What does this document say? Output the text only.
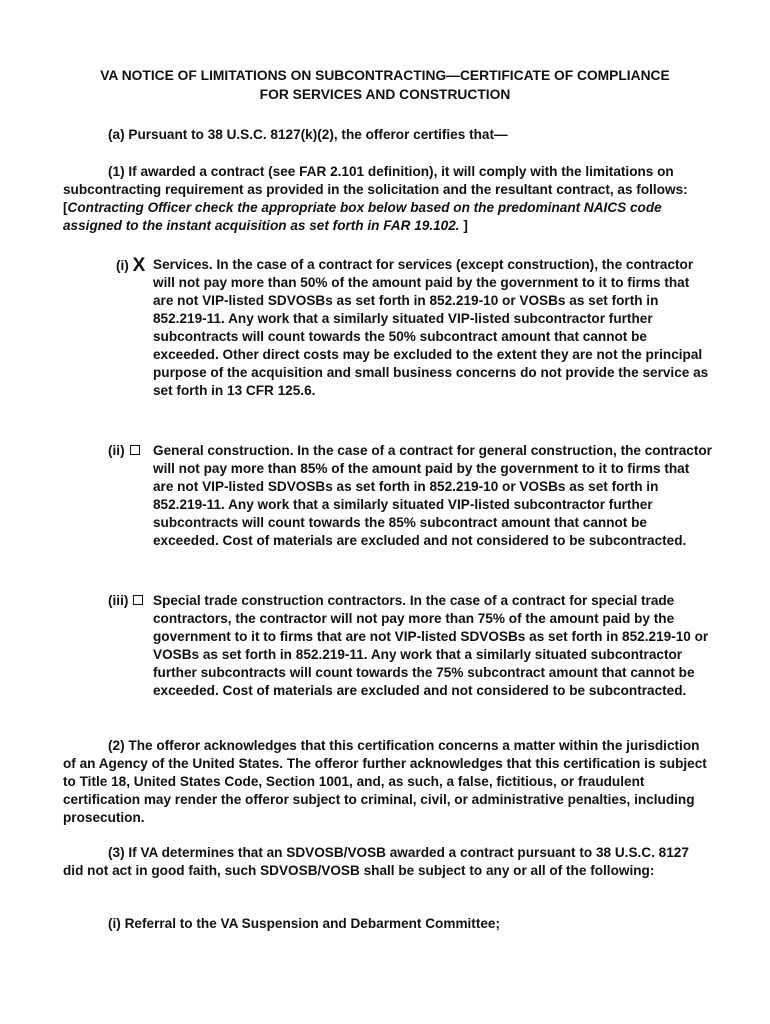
VA NOTICE OF LIMITATIONS ON SUBCONTRACTING—CERTIFICATE OF COMPLIANCE
FOR SERVICES AND CONSTRUCTION
(a) Pursuant to 38 U.S.C. 8127(k)(2), the offeror certifies that—
(1) If awarded a contract (see FAR 2.101 definition), it will comply with the limitations on subcontracting requirement as provided in the solicitation and the resultant contract, as follows: [Contracting Officer check the appropriate box below based on the predominant NAICS code assigned to the instant acquisition as set forth in FAR 19.102. ]
(i) X Services. In the case of a contract for services (except construction), the contractor will not pay more than 50% of the amount paid by the government to it to firms that are not VIP-listed SDVOSBs as set forth in 852.219-10 or VOSBs as set forth in 852.219-11. Any work that a similarly situated VIP-listed subcontractor further subcontracts will count towards the 50% subcontract amount that cannot be exceeded. Other direct costs may be excluded to the extent they are not the principal purpose of the acquisition and small business concerns do not provide the service as set forth in 13 CFR 125.6.
(ii)	General construction. In the case of a contract for general construction, the contractor will not pay more than 85% of the amount paid by the government to it to firms that are not VIP-listed SDVOSBs as set forth in 852.219-10 or VOSBs as set forth in 852.219-11. Any work that a similarly situated VIP-listed subcontractor further subcontracts will count towards the 85% subcontract amount that cannot be exceeded. Cost of materials are excluded and not considered to be subcontracted.
(iii)	Special trade construction contractors. In the case of a contract for special trade contractors, the contractor will not pay more than 75% of the amount paid by the government to it to firms that are not VIP-listed SDVOSBs as set forth in 852.219-10 or VOSBs as set forth in 852.219-11. Any work that a similarly situated subcontractor further subcontracts will count towards the 75% subcontract amount that cannot be exceeded. Cost of materials are excluded and not considered to be subcontracted.
(2) The offeror acknowledges that this certification concerns a matter within the jurisdiction of an Agency of the United States. The offeror further acknowledges that this certification is subject to Title 18, United States Code, Section 1001, and, as such, a false, fictitious, or fraudulent certification may render the offeror subject to criminal, civil, or administrative penalties, including prosecution.
(3) If VA determines that an SDVOSB/VOSB awarded a contract pursuant to 38 U.S.C. 8127 did not act in good faith, such SDVOSB/VOSB shall be subject to any or all of the following:
(i) Referral to the VA Suspension and Debarment Committee;
